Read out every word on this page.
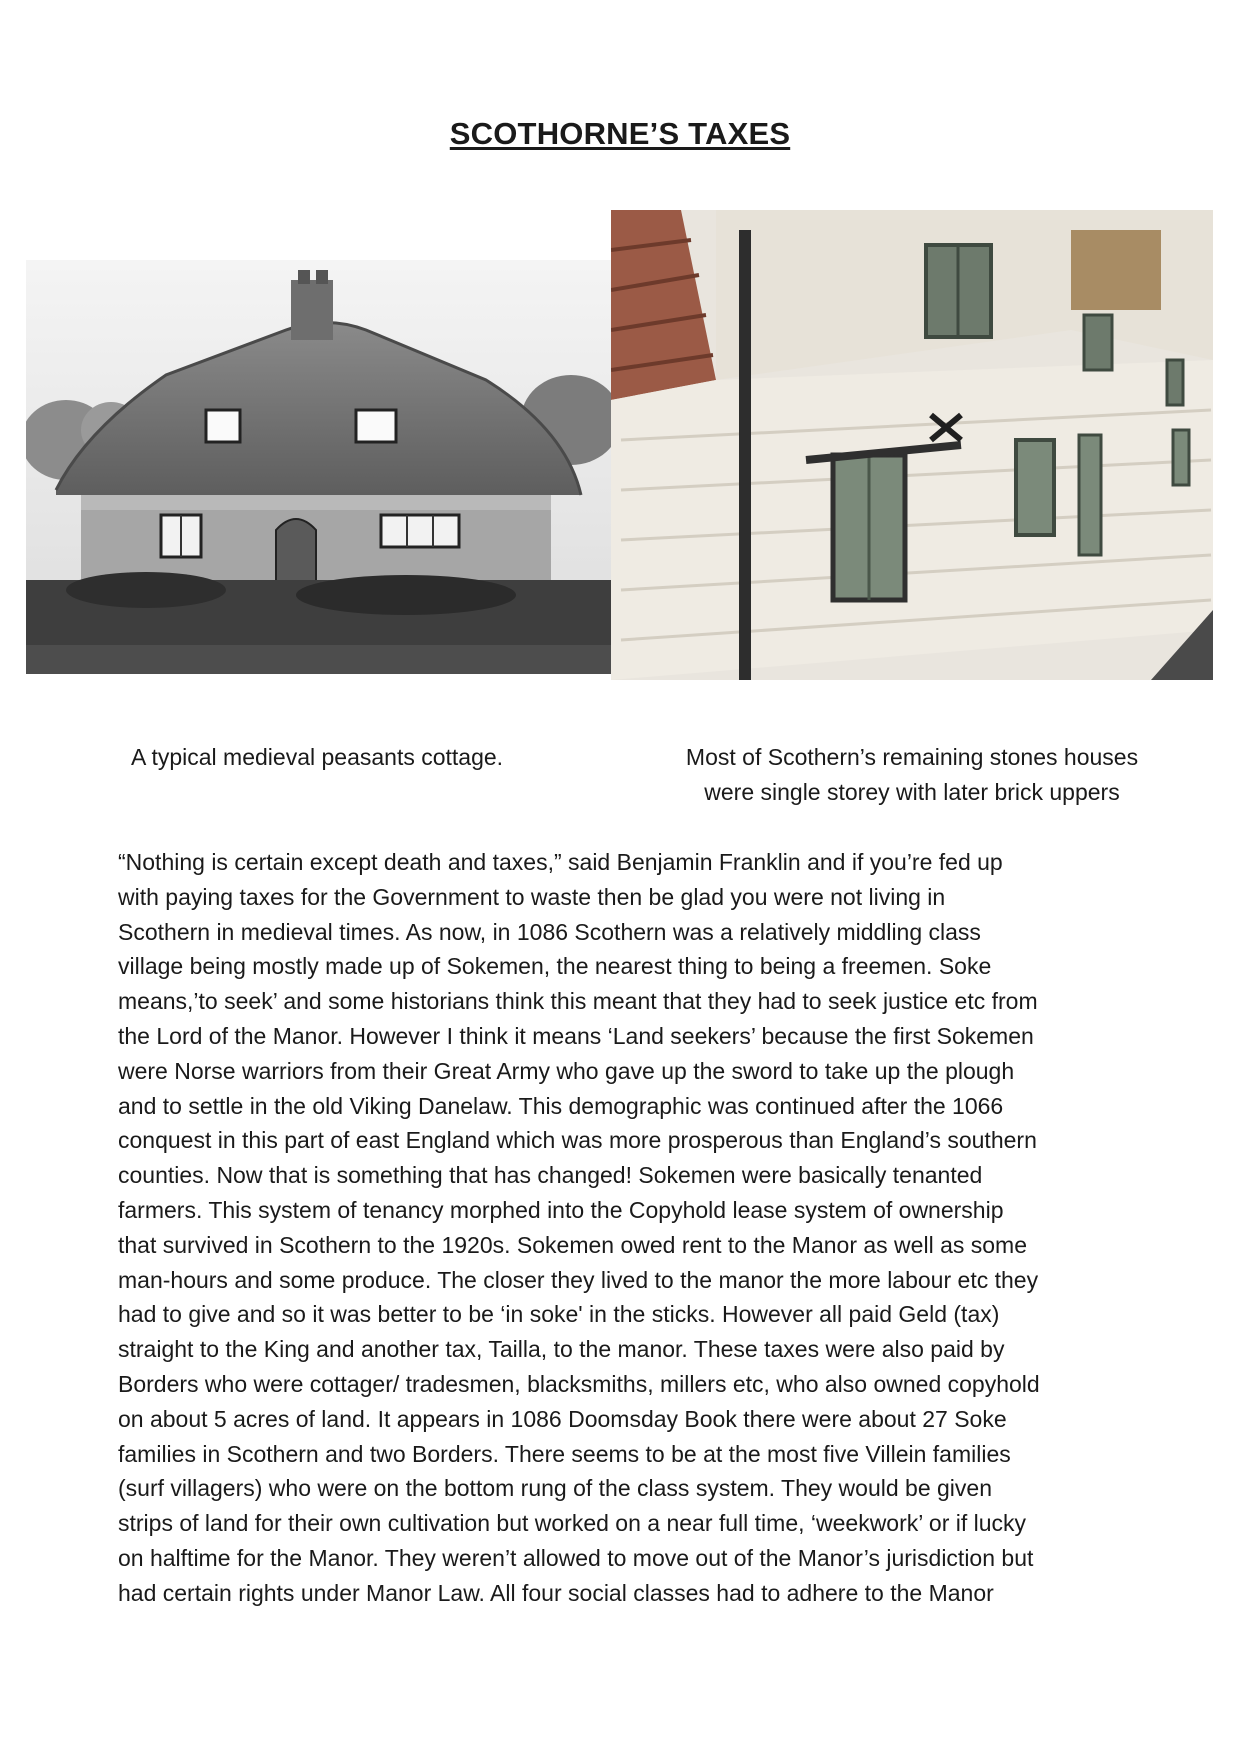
SCOTHORNE’S TAXES
A typical medieval peasants cottage.	Most of Scothern’s remaining stones houses
were single storey with later brick uppers

“Nothing is certain except death and taxes,” said Benjamin Franklin and if you’re fed up

with paying taxes for the Government to waste then be glad you were not living in

Scothern in medieval times. As now, in 1086 Scothern was a relatively middling class

village being mostly made up of Sokemen, the nearest thing to being a freemen. Soke

means,’to seek’ and some historians think this meant that they had to seek justice etc from

the Lord of the Manor. However I think it means ‘Land seekers’ because the first Sokemen

were Norse warriors from their Great Army who gave up the sword to take up the plough

and to settle in the old Viking Danelaw. This demographic was continued after the 1066

conquest in this part of east England which was more prosperous than England’s southern

counties. Now that is something that has changed! Sokemen were basically tenanted

farmers. This system of tenancy morphed into the Copyhold lease system of ownership

that survived in Scothern to the 1920s. Sokemen owed rent to the Manor as well as some

man-hours and some produce. The closer they lived to the manor the more labour etc they

had to give and so it was better to be ‘in soke' in the sticks. However all paid Geld (tax)

straight to the King and another tax, Tailla, to the manor. These taxes were also paid by

Borders who were cottager/ tradesmen, blacksmiths, millers etc, who also owned copyhold

on about 5 acres of land. It appears in 1086 Doomsday Book there were about 27 Soke

families in Scothern and two Borders. There seems to be at the most five Villein families

(surf villagers) who were on the bottom rung of the class system. They would be given

strips of land for their own cultivation but worked on a near full time, ‘weekwork’ or if lucky

on halftime for the Manor. They weren’t allowed to move out of the Manor’s jurisdiction but

had certain rights under Manor Law. All four social classes had to adhere to the Manor
